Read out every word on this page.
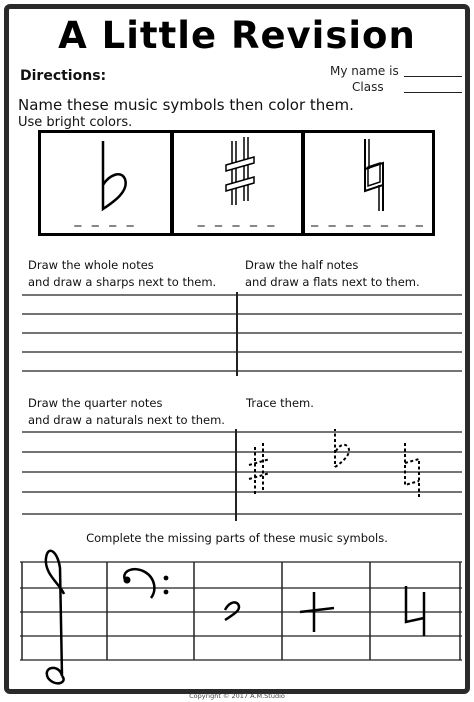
A Little Revision
Directions:	My name is
Class
Name these music symbols then color them.
Use bright colors.
_ _ _ _	_ _ _ _ _	_ _ _ _ _ _ _
Draw the whole notes
and draw a sharps next to them.
Draw the half notes
and draw a flats next to them.
Draw the quarter notes
and draw a naturals next to them.
Trace them.
Complete the missing parts of these music symbols.
Copyright © 2017 A.M.Studio
